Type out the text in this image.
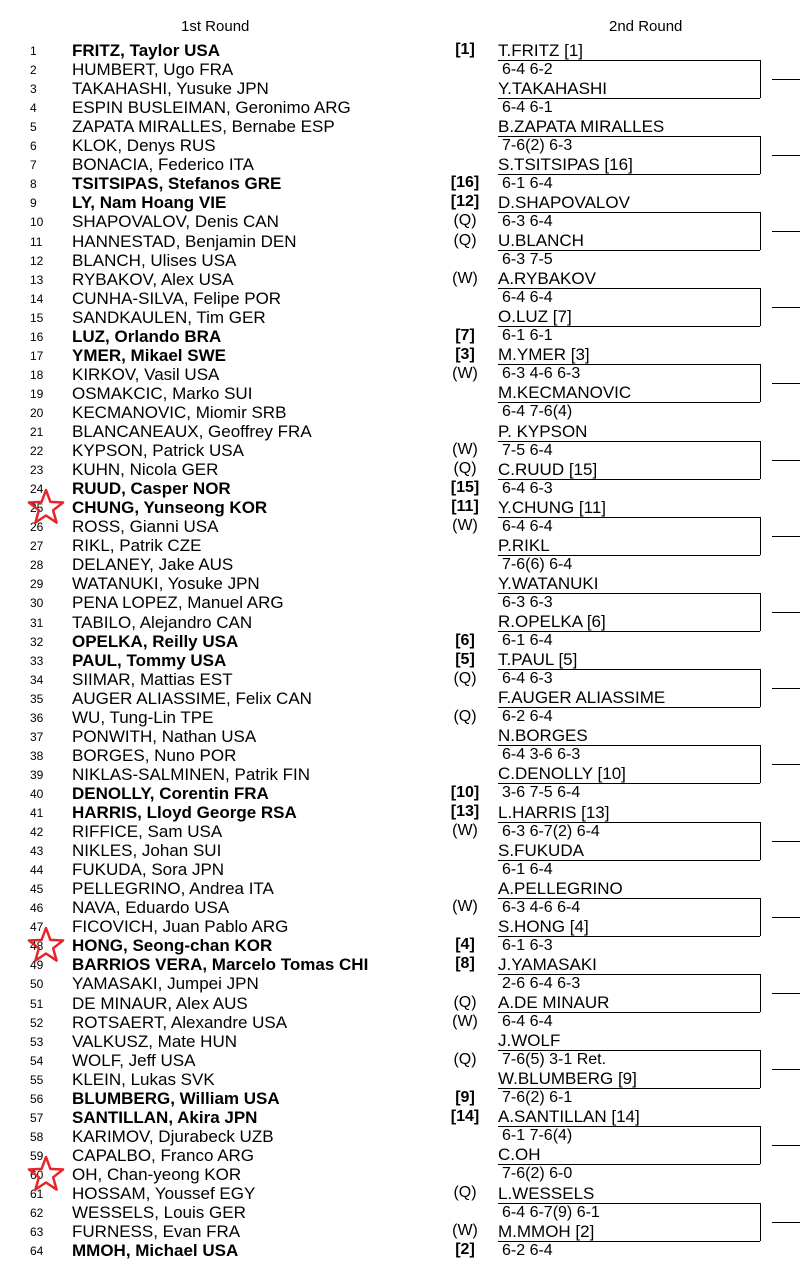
1st Round	2nd Round
1 FRITZ, Taylor USA	[1]
2 HUMBERT, Ugo FRA
3 TAKAHASHI, Yusuke JPN
4 ESPIN BUSLEIMAN, Geronimo ARG
5 ZAPATA MIRALLES, Bernabe ESP
6 KLOK, Denys RUS
7 BONACIA, Federico ITA
8 TSITSIPAS, Stefanos GRE	[16]
9 LY, Nam Hoang VIE	[12]
10 SHAPOVALOV, Denis CAN	(Q)
11 HANNESTAD, Benjamin DEN	(Q)
12 BLANCH, Ulises USA
13 RYBAKOV, Alex USA	(W)
14 CUNHA-SILVA, Felipe POR
15 SANDKAULEN, Tim GER
16 LUZ, Orlando BRA	[7]
17 YMER, Mikael SWE	[3]
18 KIRKOV, Vasil USA	(W)
19 OSMAKCIC, Marko SUI
20 KECMANOVIC, Miomir SRB
21 BLANCANEAUX, Geoffrey FRA
22 KYPSON, Patrick USA	(W)
23 KUHN, Nicola GER	(Q)
24 RUUD, Casper NOR	[15]
25 CHUNG, Yunseong KOR	[11]
26 ROSS, Gianni USA	(W)
27 RIKL, Patrik CZE
28 DELANEY, Jake AUS
29 WATANUKI, Yosuke JPN
30 PENA LOPEZ, Manuel ARG
31 TABILO, Alejandro CAN
32 OPELKA, Reilly USA	[6]
33 PAUL, Tommy USA	[5]
34 SIIMAR, Mattias EST	(Q)
35 AUGER ALIASSIME, Felix CAN
36 WU, Tung-Lin TPE	(Q)
37 PONWITH, Nathan USA
38 BORGES, Nuno POR
39 NIKLAS-SALMINEN, Patrik FIN
40 DENOLLY, Corentin FRA	[10]
41 HARRIS, Lloyd George RSA	[13]
42 RIFFICE, Sam USA	(W)
43 NIKLES, Johan SUI
44 FUKUDA, Sora JPN
45 PELLEGRINO, Andrea ITA
46 NAVA, Eduardo USA	(W)
47 FICOVICH, Juan Pablo ARG
48 HONG, Seong-chan KOR	[4]
49 BARRIOS VERA, Marcelo Tomas CHI	[8]
50 YAMASAKI, Jumpei JPN
51 DE MINAUR, Alex AUS	(Q)
52 ROTSAERT, Alexandre USA	(W)
53 VALKUSZ, Mate HUN
54 WOLF, Jeff USA	(Q)
55 KLEIN, Lukas SVK
56 BLUMBERG, William USA	[9]
57 SANTILLAN, Akira JPN	[14]
58 KARIMOV, Djurabeck UZB
59 CAPALBO, Franco ARG
60 OH, Chan-yeong KOR
61 HOSSAM, Youssef EGY	(Q)
62 WESSELS, Louis GER
63 FURNESS, Evan FRA	(W)
64 MMOH, Michael USA	[2]
T.FRITZ [1]
6-4 6-2
Y.TAKAHASHI
6-4 6-1
B.ZAPATA MIRALLES
7-6(2) 6-3
S.TSITSIPAS [16]
6-1 6-4
D.SHAPOVALOV
6-3 6-4
U.BLANCH
6-3 7-5
A.RYBAKOV
6-4 6-4
O.LUZ [7]
6-1 6-1
M.YMER [3]
6-3 4-6 6-3
M.KECMANOVIC
6-4 7-6(4)
P. KYPSON
7-5 6-4
C.RUUD [15]
6-4 6-3
Y.CHUNG [11]
6-4 6-4
P.RIKL
7-6(6) 6-4
Y.WATANUKI
6-3 6-3
R.OPELKA [6]
6-1 6-4
T.PAUL [5]
6-4 6-3
F.AUGER ALIASSIME
6-2 6-4
N.BORGES
6-4 3-6 6-3
C.DENOLLY [10]
3-6 7-5 6-4
L.HARRIS [13]
6-3 6-7(2) 6-4
S.FUKUDA
6-1 6-4
A.PELLEGRINO
6-3 4-6 6-4
S.HONG [4]
6-1 6-3
J.YAMASAKI
2-6 6-4 6-3
A.DE MINAUR
6-4 6-4
J.WOLF
7-6(5) 3-1 Ret.
W.BLUMBERG [9]
7-6(2) 6-1
A.SANTILLAN [14]
6-1 7-6(4)
C.OH
7-6(2) 6-0
L.WESSELS
6-4 6-7(9) 6-1
M.MMOH [2]
6-2 6-4
